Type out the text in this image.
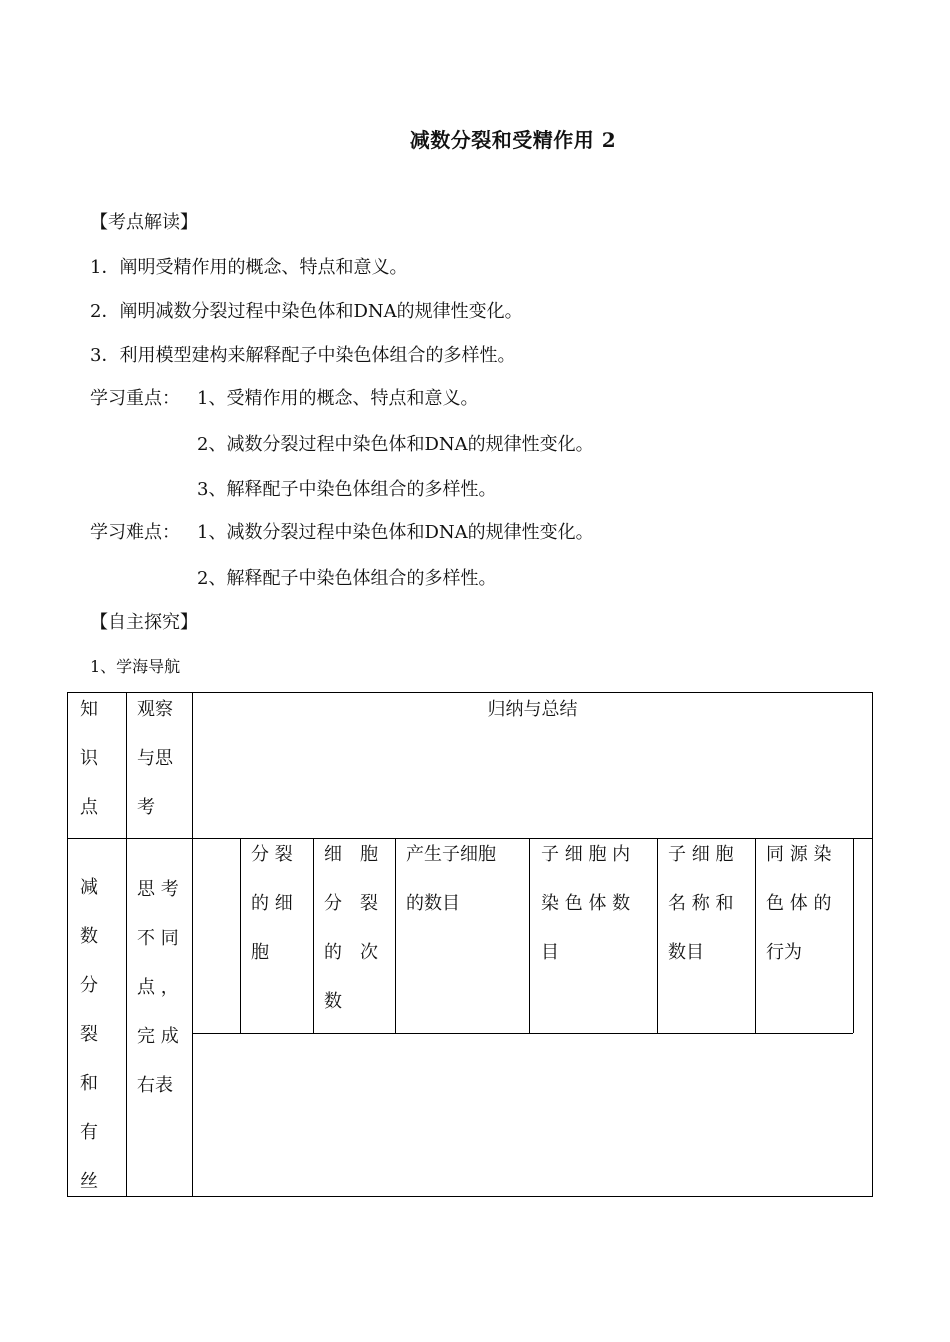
减数分裂和受精作用 2
【考点解读】
1．阐明受精作用的概念、特点和意义。
2．阐明减数分裂过程中染色体和DNA的规律性变化。
3．利用模型建构来解释配子中染色体组合的多样性。
学习重点： 1、受精作用的概念、特点和意义。
2、减数分裂过程中染色体和DNA的规律性变化。
3、解释配子中染色体组合的多样性。
学习难点： 1、减数分裂过程中染色体和DNA的规律性变化。
2、解释配子中染色体组合的多样性。
【自主探究】
1、学海导航
知
识
点
观察
与思
考
归纳与总结
减
数
分
裂
和
有
丝
思 考
不 同
点 ，
完 成
右表
分 裂
的 细
胞
细　胞
分　裂
的　次
数
产生子细胞
的数目
子 细 胞 内
染 色 体 数
目
子 细 胞
名 称 和
数目
同 源 染
色 体 的
行为
